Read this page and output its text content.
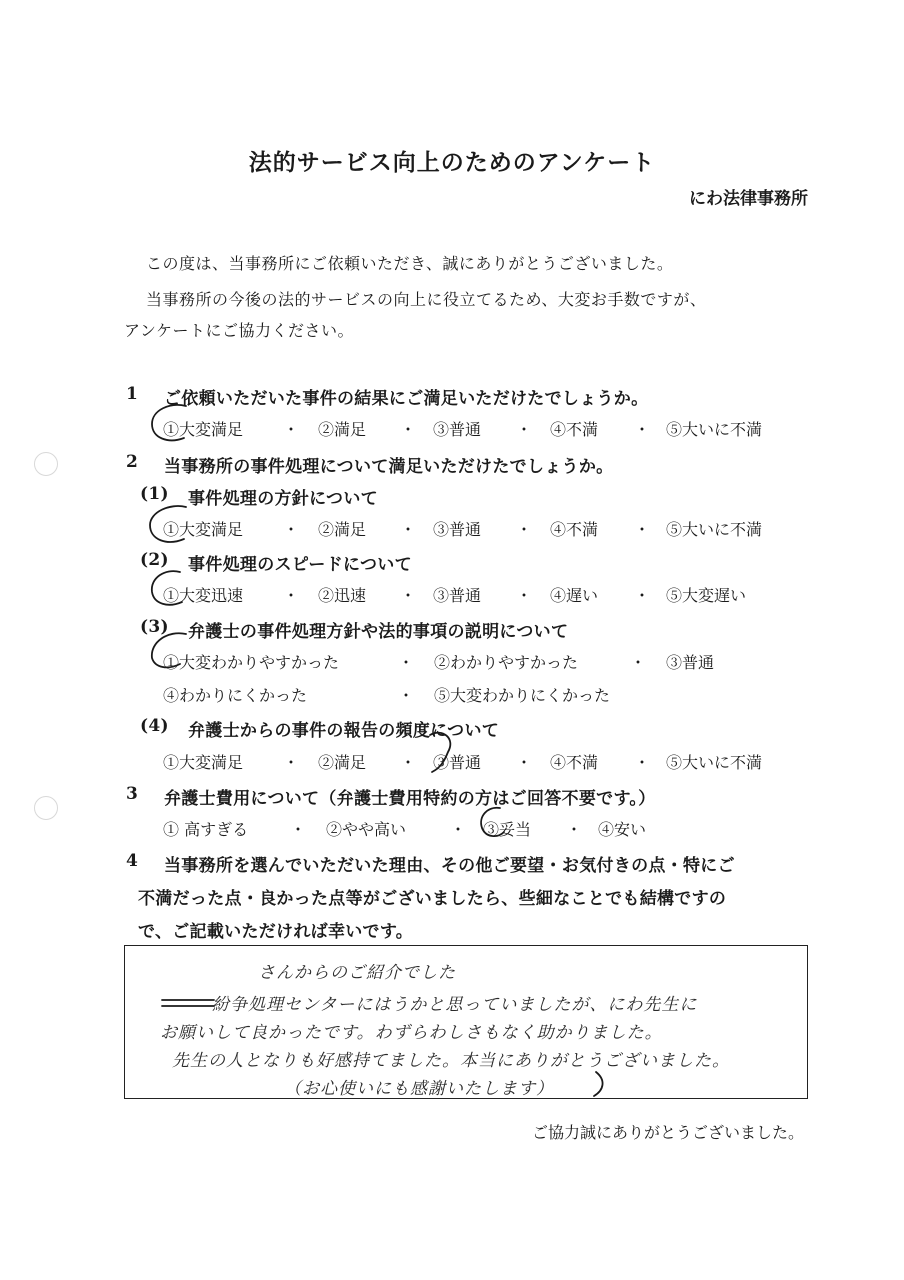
法的サービス向上のためのアンケート
にわ法律事務所
この度は、当事務所にご依頼いただき、誠にありがとうございました。
当事務所の今後の法的サービスの向上に役立てるため、大変お手数ですが、
アンケートにご協力ください。
1 ご依頼いただいた事件の結果にご満足いただけたでしょうか。
①大変満足 ・ ②満足 ・ ③普通 ・ ④不満 ・ ⑤大いに不満
2 当事務所の事件処理について満足いただけたでしょうか。
(1) 事件処理の方針について
①大変満足 ・ ②満足 ・ ③普通 ・ ④不満 ・ ⑤大いに不満
(2) 事件処理のスピードについて
①大変迅速 ・ ②迅速 ・ ③普通 ・ ④遅い ・ ⑤大変遅い
(3) 弁護士の事件処理方針や法的事項の説明について
①大変わかりやすかった	・ ②わかりやすかった	・ ③普通
④わかりにくかった	・ ⑤大変わかりにくかった
(4) 弁護士からの事件の報告の頻度について
①大変満足 ・ ②満足 ・ ③普通 ・ ④不満 ・ ⑤大いに不満
3 弁護士費用について（弁護士費用特約の方はご回答不要です。）
① 高すぎる	・ ②やや高い	・ ③妥当 ・ ④安い
4 当事務所を選んでいただいた理由、その他ご要望・お気付きの点・特にご
不満だった点・良かった点等がございましたら、些細なことでも結構ですの
で、ご記載いただければ幸いです。
さんからのご紹介でした
紛争処理センターにはうかと思っていましたが、にわ先生に
お願いして良かったです。わずらわしさもなく助かりました。
先生の人となりも好感持てました。本当にありがとうございました。
（お心使いにも感謝いたします）
ご協力誠にありがとうございました。
